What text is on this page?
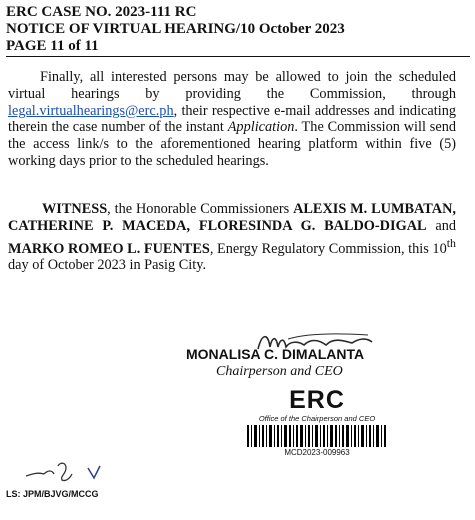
ERC CASE NO. 2023-111 RC
NOTICE OF VIRTUAL HEARING/10 October 2023
PAGE 11 of 11
Finally, all interested persons may be allowed to join the scheduled virtual hearings by providing the Commission, through legal.virtualhearings@erc.ph, their respective e-mail addresses and indicating therein the case number of the instant Application. The Commission will send the access link/s to the aforementioned hearing platform within five (5) working days prior to the scheduled hearings.
WITNESS, the Honorable Commissioners ALEXIS M. LUMBATAN, CATHERINE P. MACEDA, FLORESINDA G. BALDO-DIGAL and MARKO ROMEO L. FUENTES, Energy Regulatory Commission, this 10th day of October 2023 in Pasig City.
MONALISA C. DIMALANTA
Chairperson and CEO
ERC
Office of the Chairperson and CEO
MCD2023-009963
LS: JPM/BJVG/MCCG
